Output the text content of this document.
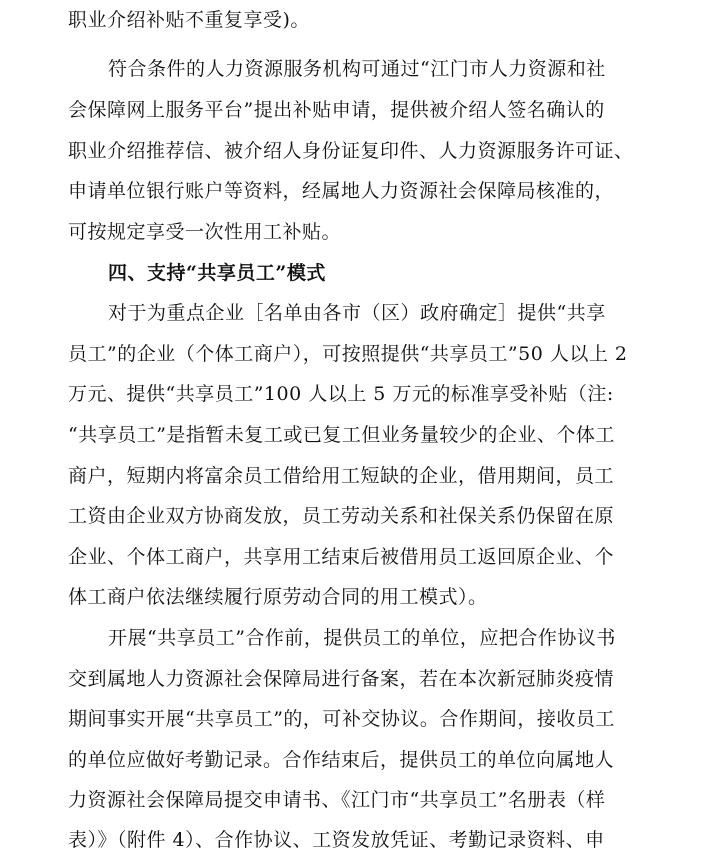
职业介绍补贴不重复享受)。
符合条件的人力资源服务机构可通过“江门市人力资源和社
会保障网上服务平台”提出补贴申请，提供被介绍人签名确认的
职业介绍推荐信、被介绍人身份证复印件、人力资源服务许可证、
申请单位银行账户等资料，经属地人力资源社会保障局核准的，
可按规定享受一次性用工补贴。
四、支持“共享员工”模式
对于为重点企业［名单由各市（区）政府确定］提供“共享
员工”的企业（个体工商户），可按照提供“共享员工”50 人以上 2
万元、提供“共享员工”100 人以上 5 万元的标准享受补贴（注:
“共享员工”是指暂未复工或已复工但业务量较少的企业、个体工
商户，短期内将富余员工借给用工短缺的企业，借用期间，员工
工资由企业双方协商发放，员工劳动关系和社保关系仍保留在原
企业、个体工商户，共享用工结束后被借用员工返回原企业、个
体工商户依法继续履行原劳动合同的用工模式）。
开展“共享员工”合作前，提供员工的单位，应把合作协议书
交到属地人力资源社会保障局进行备案，若在本次新冠肺炎疫情
期间事实开展“共享员工”的，可补交协议。合作期间，接收员工
的单位应做好考勤记录。合作结束后，提供员工的单位向属地人
力资源社会保障局提交申请书、《江门市“共享员工”名册表（样
表）》（附件 4）、合作协议、工资发放凭证、考勤记录资料、申
